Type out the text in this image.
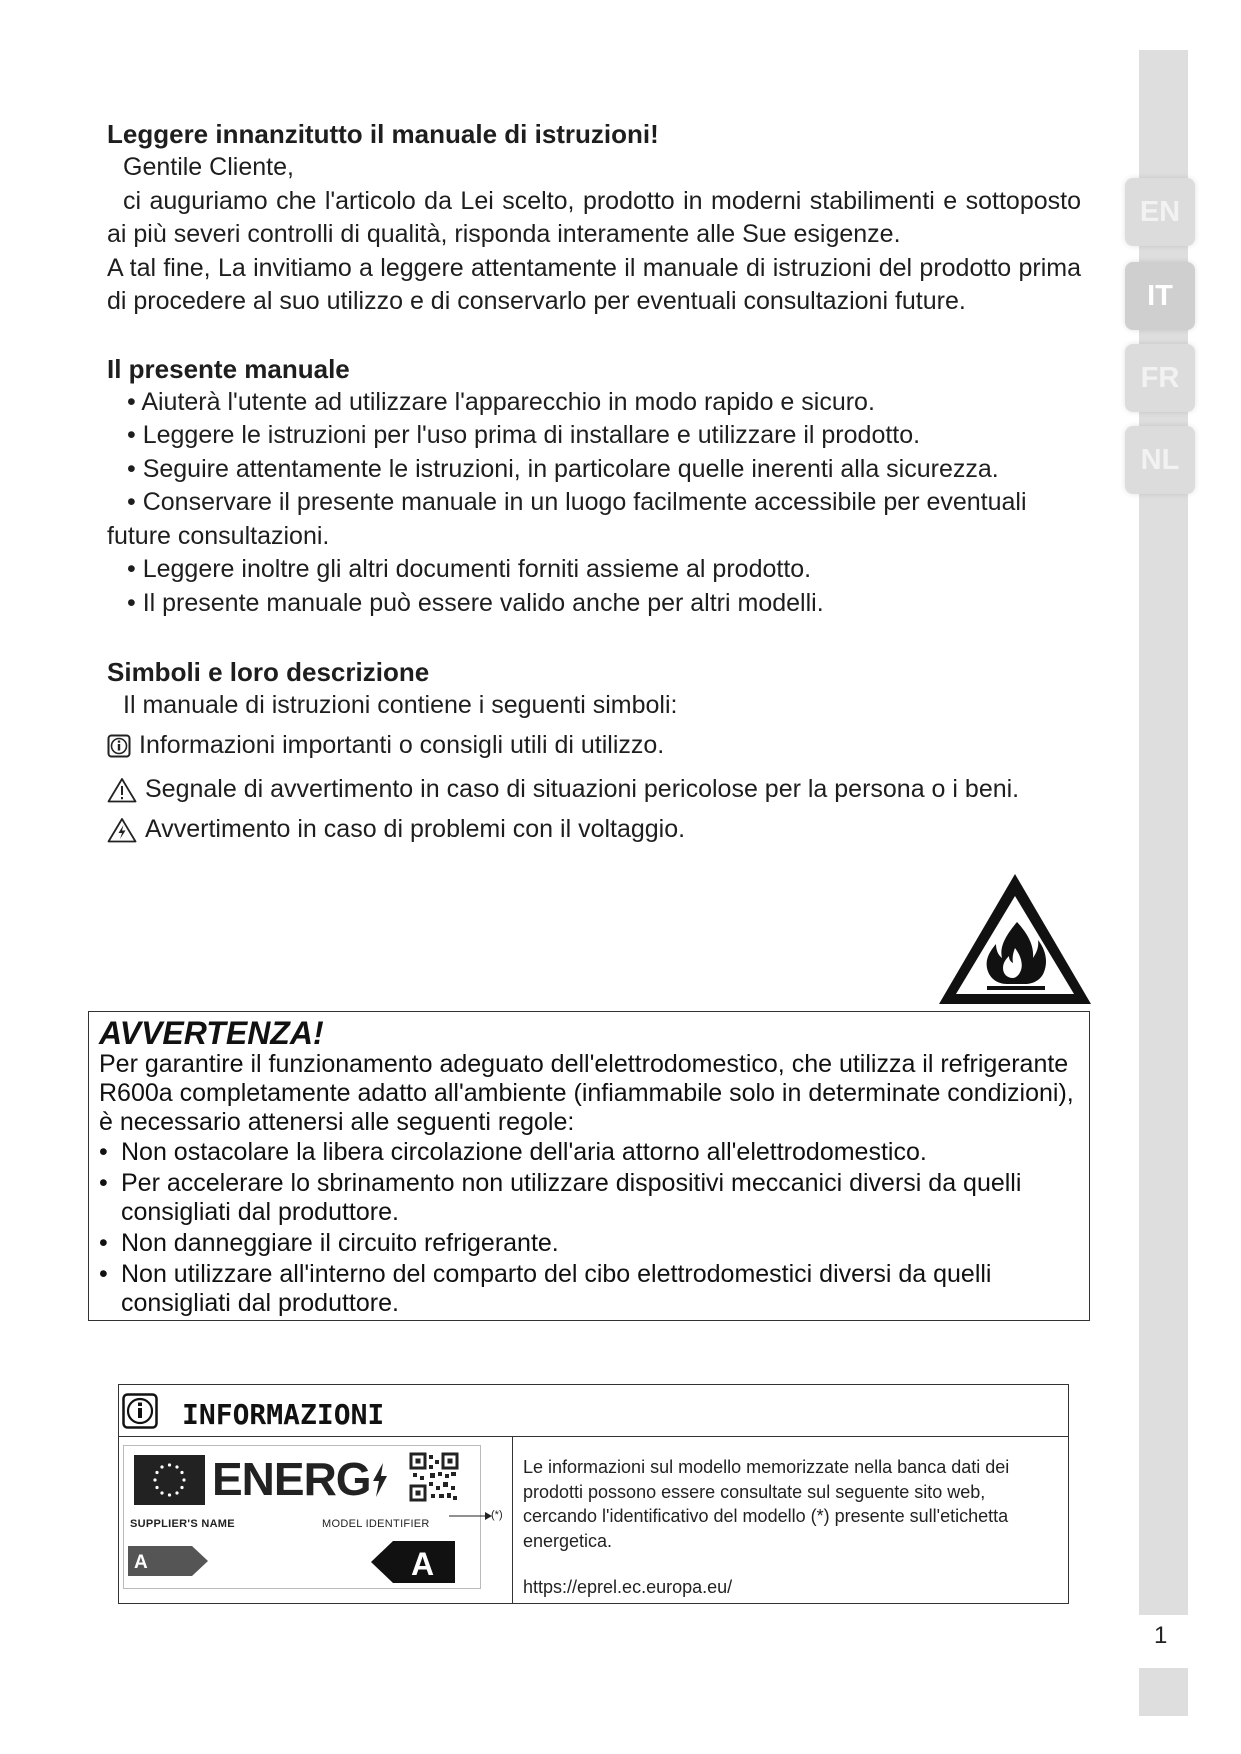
EN
IT
FR
NL
1

Leggere innanzitutto il manuale di istruzioni!

Gentile Cliente,

ci auguriamo che l'articolo da Lei scelto, prodotto in moderni stabilimenti e sottoposto ai più severi controlli di qualità, risponda interamente alle Sue esigenze.

A tal fine, La invitiamo a leggere attentamente il manuale di istruzioni del prodotto prima di procedere al suo utilizzo e di conservarlo per eventuali consultazioni future.

Il presente manuale

• Aiuterà l'utente ad utilizzare l'apparecchio in modo rapido e sicuro.

• Leggere le istruzioni per l'uso prima di installare e utilizzare il prodotto.

• Seguire attentamente le istruzioni, in particolare quelle inerenti alla sicurezza.

• Conservare il presente manuale in un luogo facilmente accessibile per eventuali future consultazioni.

• Leggere inoltre gli altri documenti forniti assieme al prodotto.

• Il presente manuale può essere valido anche per altri modelli.

Simboli e loro descrizione

Il manuale di istruzioni contiene i seguenti simboli:

Informazioni importanti o consigli utili di utilizzo.
Segnale di avvertimento in caso di situazioni pericolose per la persona o i beni.
Avvertimento in caso di problemi con il voltaggio.

AVVERTENZA!

Per garantire il funzionamento adeguato dell'elettrodomestico, che utilizza il refrigerante R600a completamente adatto all'ambiente (infiammabile solo in determinate condizioni), è necessario attenersi alle seguenti regole:

• Non ostacolare la libera circolazione dell'aria attorno all'elettrodomestico.
• Per accelerare lo sbrinamento non utilizzare dispositivi meccanici diversi da quelli consigliati dal produttore.
• Non danneggiare il circuito refrigerante.
• Non utilizzare all'interno del comparto del cibo elettrodomestici diversi da quelli consigliati dal produttore.
INFORMAZIONI
ENERG
SUPPLIER'S NAME	MODEL IDENTIFIER
A	A
(*)

Le informazioni sul modello memorizzate nella banca dati dei prodotti possono essere consultate sul seguente sito web, cercando l'identificativo del modello (*) presente sull'etichetta energetica.

https://eprel.ec.europa.eu/
